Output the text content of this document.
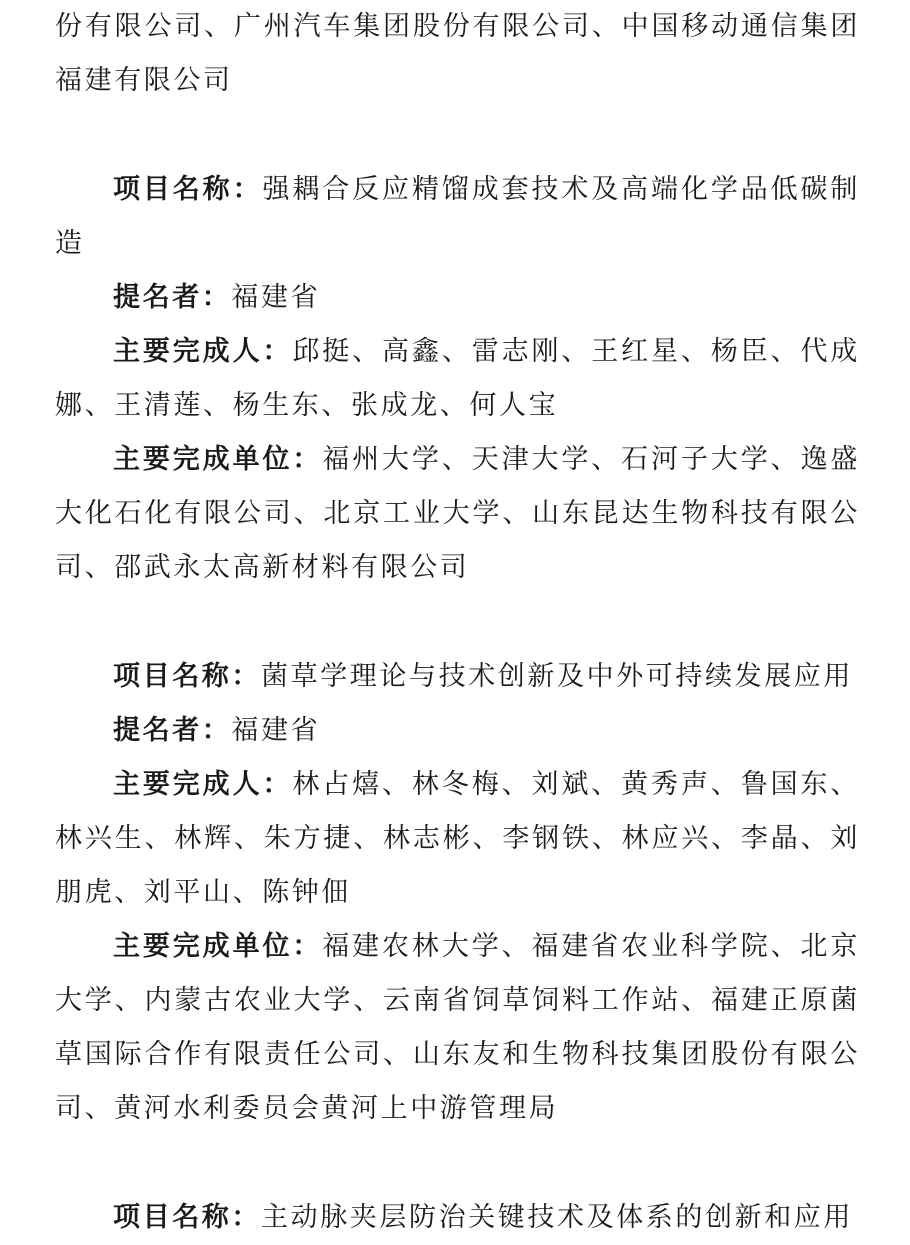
份有限公司、广州汽车集团股份有限公司、中国移动通信集团福建有限公司

项目名称：强耦合反应精馏成套技术及高端化学品低碳制造

提名者：福建省

主要完成人：邱挺、高鑫、雷志刚、王红星、杨臣、代成娜、王清莲、杨生东、张成龙、何人宝

主要完成单位：福州大学、天津大学、石河子大学、逸盛大化石化有限公司、北京工业大学、山东昆达生物科技有限公司、邵武永太高新材料有限公司

项目名称：菌草学理论与技术创新及中外可持续发展应用

提名者：福建省

主要完成人：林占熺、林冬梅、刘斌、黄秀声、鲁国东、林兴生、林辉、朱方捷、林志彬、李钢铁、林应兴、李晶、刘朋虎、刘平山、陈钟佃

主要完成单位：福建农林大学、福建省农业科学院、北京大学、内蒙古农业大学、云南省饲草饲料工作站、福建正原菌草国际合作有限责任公司、山东友和生物科技集团股份有限公司、黄河水利委员会黄河上中游管理局

项目名称：主动脉夹层防治关键技术及体系的创新和应用
